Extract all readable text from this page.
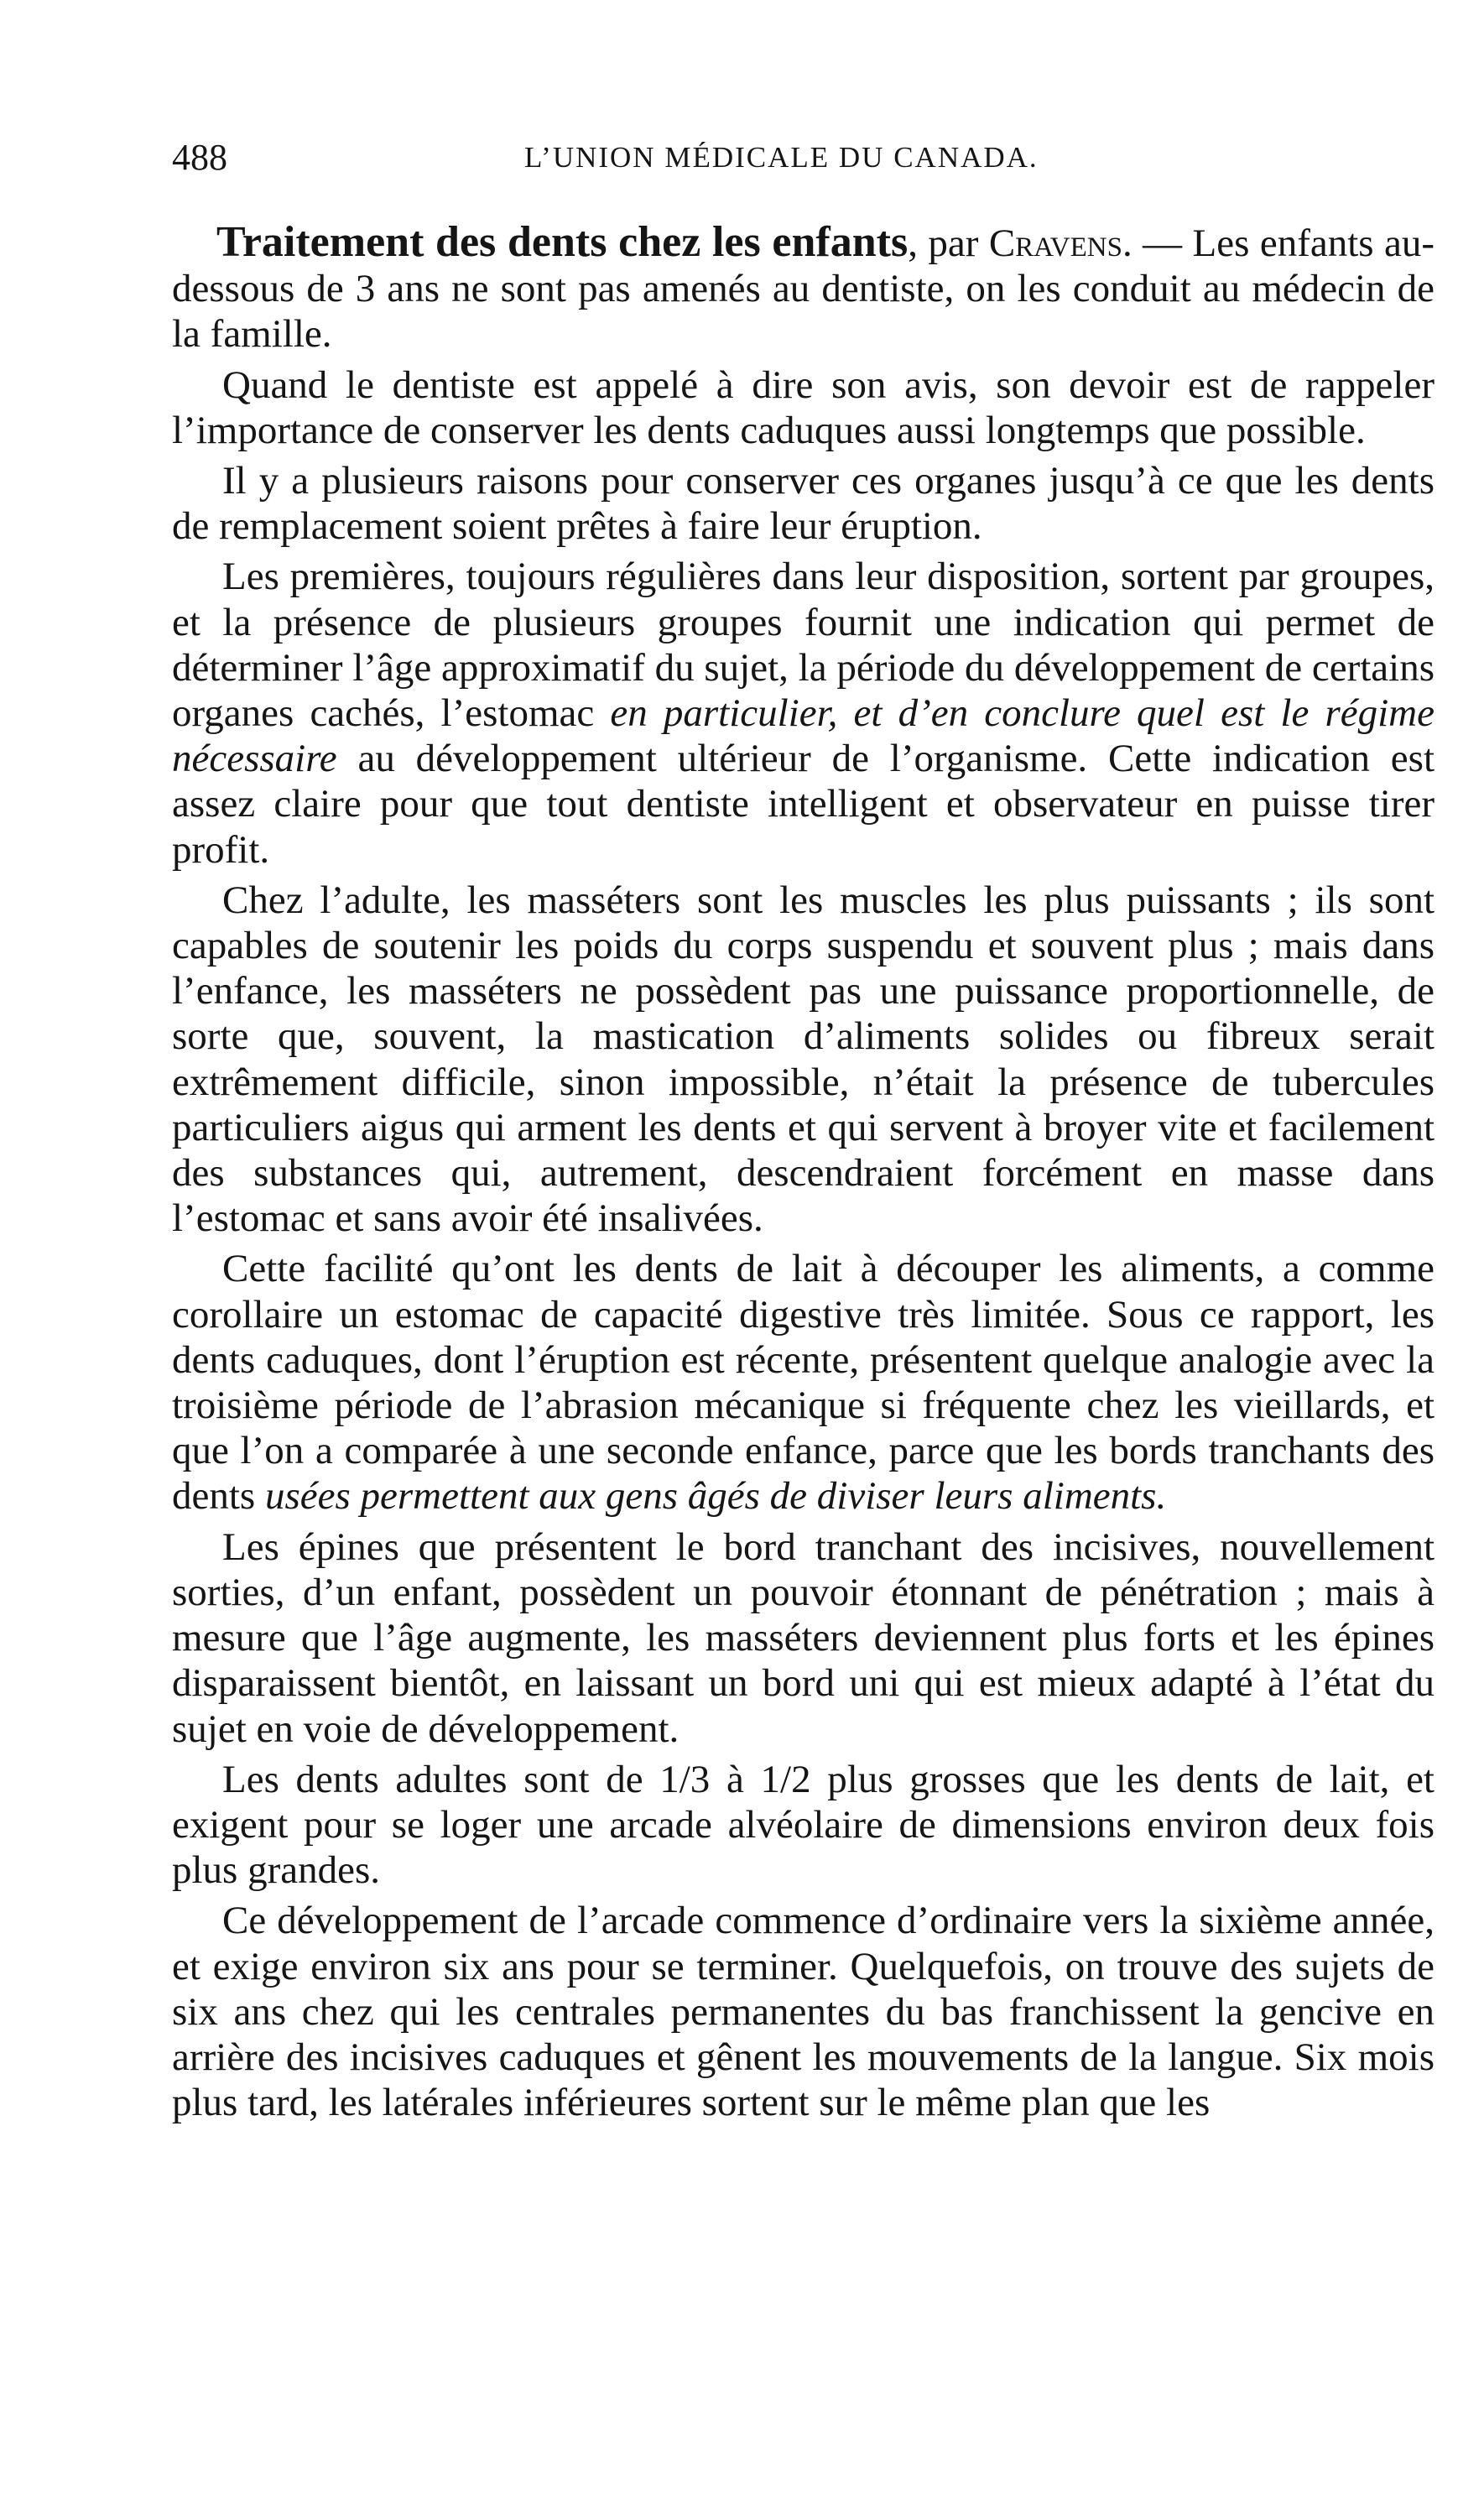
488	L’UNION MÉDICALE DU CANADA.

Traitement des dents chez les enfants, par Cravens. — Les enfants au-dessous de 3 ans ne sont pas amenés au dentiste, on les conduit au médecin de la famille.

Quand le dentiste est appelé à dire son avis, son devoir est de rappeler l’importance de conserver les dents caduques aussi longtemps que possible.

Il y a plusieurs raisons pour conserver ces organes jusqu’à ce que les dents de remplacement soient prêtes à faire leur éruption.

Les premières, toujours régulières dans leur disposition, sortent par groupes, et la présence de plusieurs groupes fournit une indication qui permet de déterminer l’âge approximatif du sujet, la période du développement de certains organes cachés, l’estomac en particulier, et d’en conclure quel est le régime nécessaire au développement ultérieur de l’organisme. Cette indication est assez claire pour que tout dentiste intelligent et observateur en puisse tirer profit.

Chez l’adulte, les masséters sont les muscles les plus puissants ; ils sont capables de soutenir les poids du corps suspendu et souvent plus ; mais dans l’enfance, les masséters ne possèdent pas une puissance proportionnelle, de sorte que, souvent, la mastication d’aliments solides ou fibreux serait extrêmement difficile, sinon impossible, n’était la présence de tubercules particuliers aigus qui arment les dents et qui servent à broyer vite et facilement des substances qui, autrement, descendraient forcément en masse dans l’estomac et sans avoir été insalivées.

Cette facilité qu’ont les dents de lait à découper les aliments, a comme corollaire un estomac de capacité digestive très limitée. Sous ce rapport, les dents caduques, dont l’éruption est récente, présentent quelque analogie avec la troisième période de l’abrasion mécanique si fréquente chez les vieillards, et que l’on a comparée à une seconde enfance, parce que les bords tranchants des dents usées permettent aux gens âgés de diviser leurs aliments.

Les épines que présentent le bord tranchant des incisives, nouvellement sorties, d’un enfant, possèdent un pouvoir étonnant de pénétration ; mais à mesure que l’âge augmente, les masséters deviennent plus forts et les épines disparaissent bientôt, en laissant un bord uni qui est mieux adapté à l’état du sujet en voie de développement.

Les dents adultes sont de 1/3 à 1/2 plus grosses que les dents de lait, et exigent pour se loger une arcade alvéolaire de dimensions environ deux fois plus grandes.

Ce développement de l’arcade commence d’ordinaire vers la sixième année, et exige environ six ans pour se terminer. Quelquefois, on trouve des sujets de six ans chez qui les centrales permanentes du bas franchissent la gencive en arrière des incisives caduques et gênent les mouvements de la langue. Six mois plus tard, les latérales inférieures sortent sur le même plan que les
